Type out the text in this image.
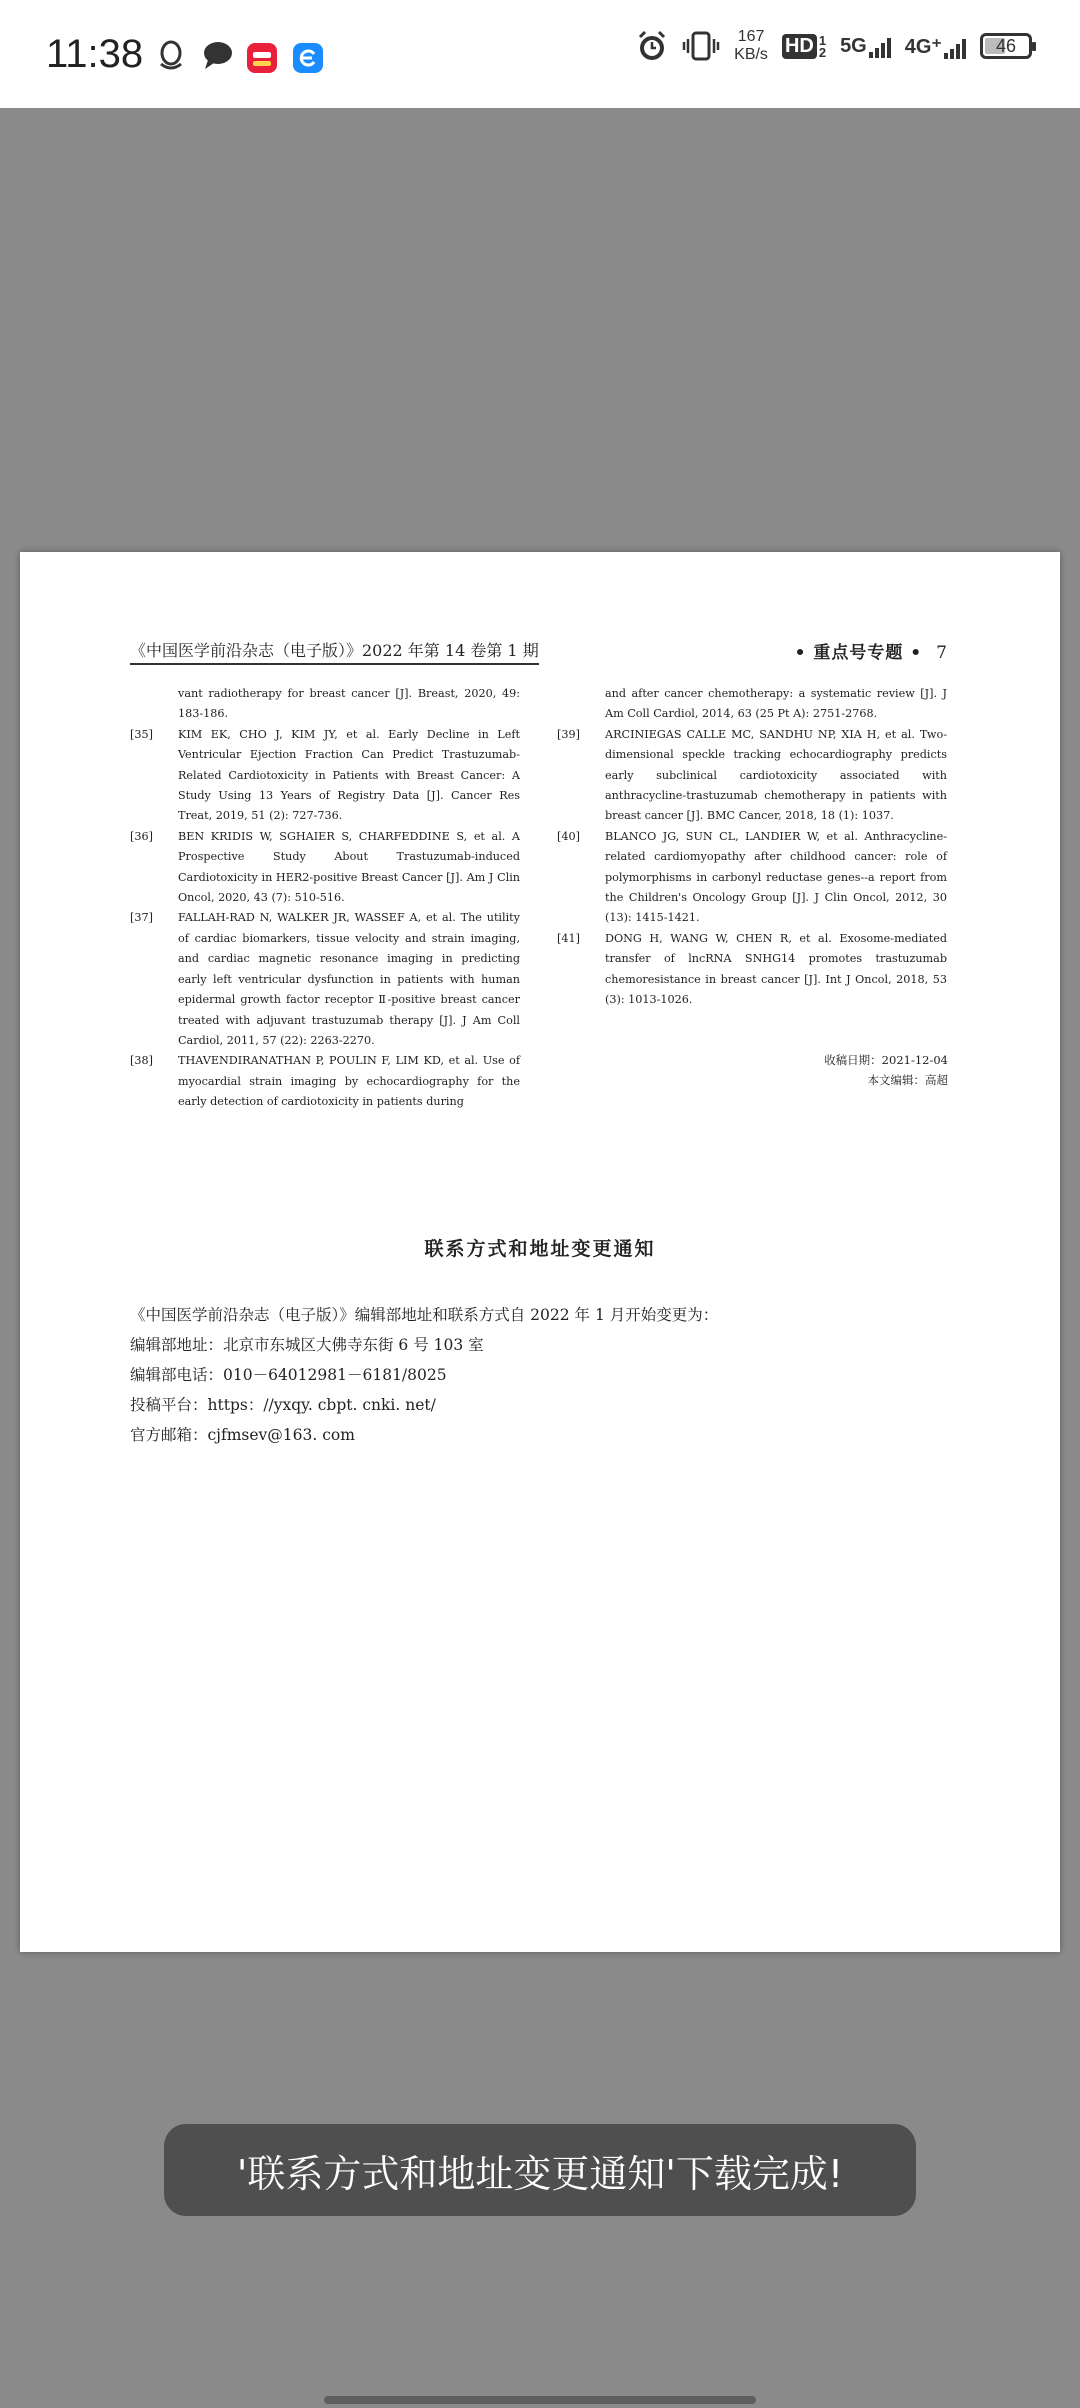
11:38	167
KB/s HD 1
2 5G 4G⁺	46
《中国医学前沿杂志（电子版）》2022 年第 14 卷第 1 期	• 重点号专题 • 7
vant radiotherapy for breast cancer [J]. Breast, 2020, 49: 183-186.
[35] KIM EK, CHO J, KIM JY, et al. Early Decline in Left Ventricular Ejection Fraction Can Predict Trastuzumab-Related Cardiotoxicity in Patients with Breast Cancer: A Study Using 13 Years of Registry Data [J]. Cancer Res Treat, 2019, 51 (2): 727-736.
[36] BEN KRIDIS W, SGHAIER S, CHARFEDDINE S, et al. A Prospective Study About Trastuzumab-induced Cardiotoxicity in HER2-positive Breast Cancer [J]. Am J Clin Oncol, 2020, 43 (7): 510-516.
[37] FALLAH-RAD N, WALKER JR, WASSEF A, et al. The utility of cardiac biomarkers, tissue velocity and strain imaging, and cardiac magnetic resonance imaging in predicting early left ventricular dysfunction in patients with human epidermal growth factor receptor Ⅱ-positive breast cancer treated with adjuvant trastuzumab therapy [J]. J Am Coll Cardiol, 2011, 57 (22): 2263-2270.
[38] THAVENDIRANATHAN P, POULIN F, LIM KD, et al. Use of myocardial strain imaging by echocardiography for the early detection of cardiotoxicity in patients during
and after cancer chemotherapy: a systematic review [J]. J Am Coll Cardiol, 2014, 63 (25 Pt A): 2751-2768.
[39] ARCINIEGAS CALLE MC, SANDHU NP, XIA H, et al. Two-dimensional speckle tracking echocardiography predicts early subclinical cardiotoxicity associated with anthracycline-trastuzumab chemotherapy in patients with breast cancer [J]. BMC Cancer, 2018, 18 (1): 1037.
[40] BLANCO JG, SUN CL, LANDIER W, et al. Anthracycline-related cardiomyopathy after childhood cancer: role of polymorphisms in carbonyl reductase genes--a report from the Children's Oncology Group [J]. J Clin Oncol, 2012, 30 (13): 1415-1421.
[41] DONG H, WANG W, CHEN R, et al. Exosome-mediated transfer of lncRNA SNHG14 promotes trastuzumab chemoresistance in breast cancer [J]. Int J Oncol, 2018, 53 (3): 1013-1026.
收稿日期：2021-12-04
本文编辑：高超
联系方式和地址变更通知
《中国医学前沿杂志（电子版）》编辑部地址和联系方式自 2022 年 1 月开始变更为：
编辑部地址：北京市东城区大佛寺东街 6 号 103 室
编辑部电话：010－64012981－6181/8025
投稿平台：https：//yxqy. cbpt. cnki. net/
官方邮箱：cjfmsev@163. com
'联系方式和地址变更通知'下载完成!
